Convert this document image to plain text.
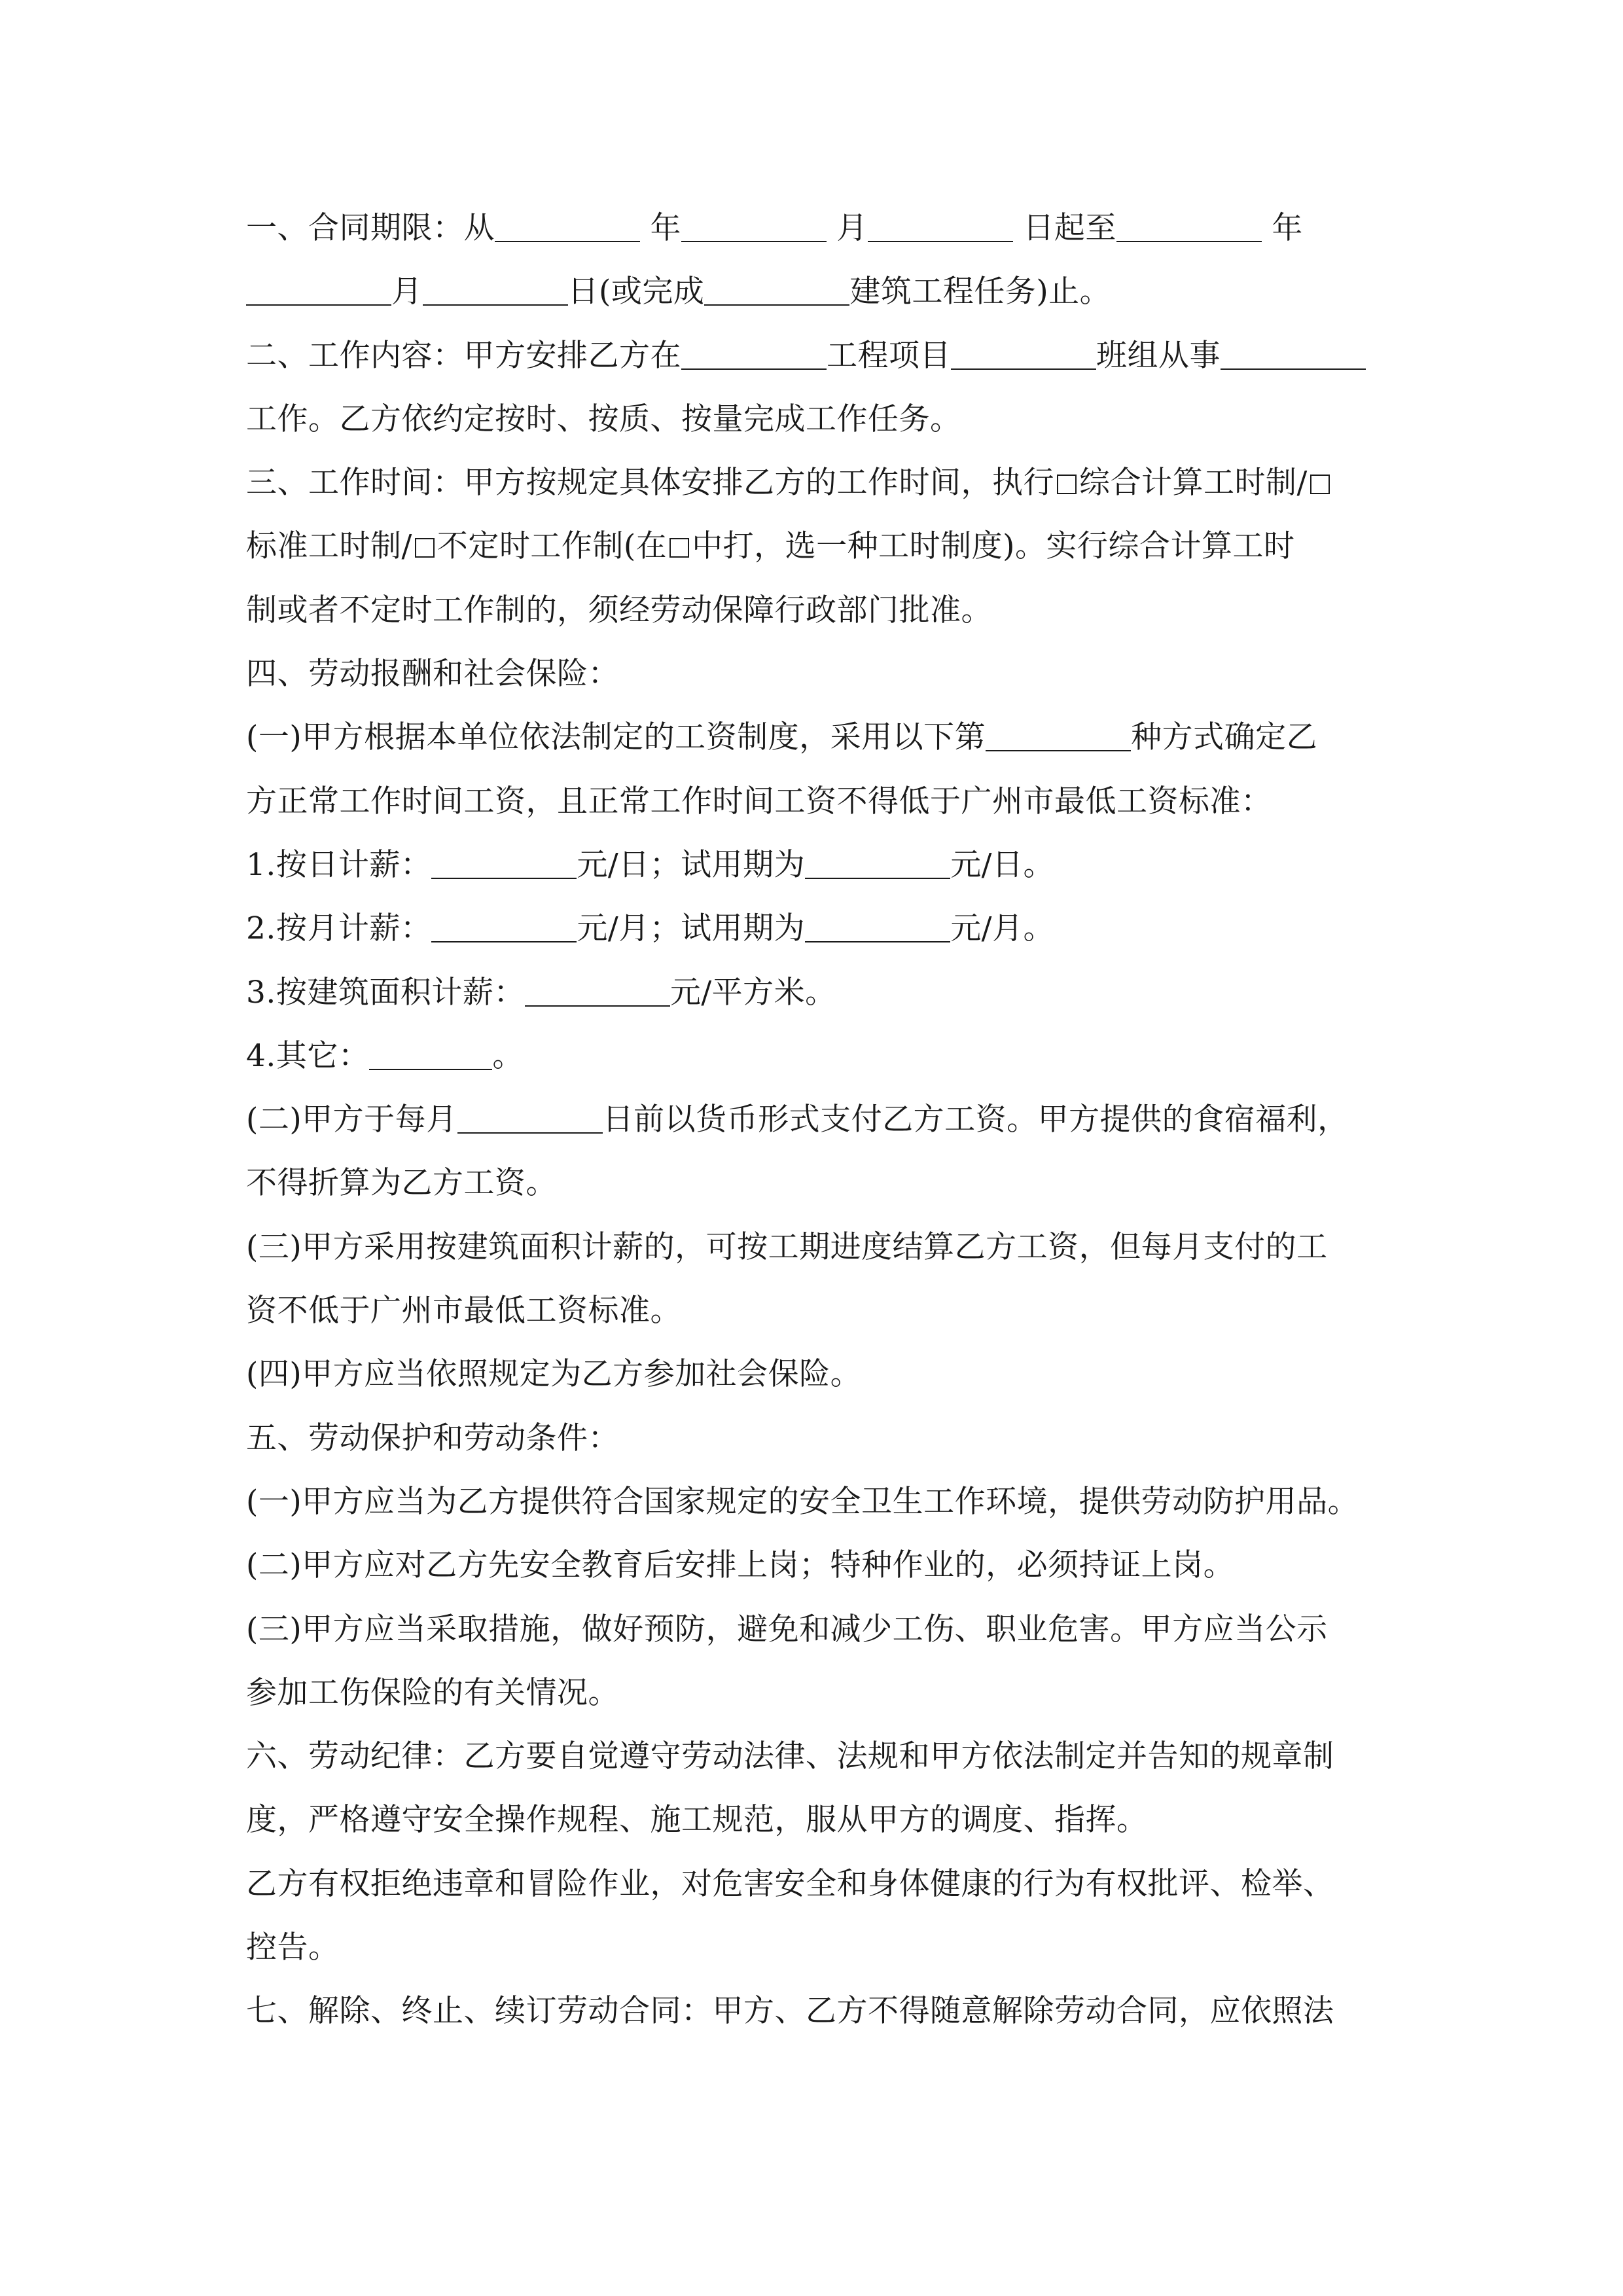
一、合同期限：从	年	月	日起至	年
月	日(或完成	建筑工程任务)止。
二、工作内容：甲方安排乙方在	工程项目	班组从事
工作。乙方依约定按时、按质、按量完成工作任务。
三、工作时间：甲方按规定具体安排乙方的工作时间，执行 综合计算工时制/
标准工时制/ 不定时工作制(在 中打，选一种工时制度)。实行综合计算工时
制或者不定时工作制的，须经劳动保障行政部门批准。
四、劳动报酬和社会保险：
(一)甲方根据本单位依法制定的工资制度，采用以下第	种方式确定乙
方正常工作时间工资，且正常工作时间工资不得低于广州市最低工资标准：
1.按日计薪：	元/日；试用期为	元/日。
2.按月计薪：	元/月；试用期为	元/月。
3.按建筑面积计薪：	元/平方米。
4.其它：	。
(二)甲方于每月	日前以货币形式支付乙方工资。甲方提供的食宿福利，
不得折算为乙方工资。
(三)甲方采用按建筑面积计薪的，可按工期进度结算乙方工资，但每月支付的工
资不低于广州市最低工资标准。
(四)甲方应当依照规定为乙方参加社会保险。
五、劳动保护和劳动条件：
(一)甲方应当为乙方提供符合国家规定的安全卫生工作环境，提供劳动防护用品。
(二)甲方应对乙方先安全教育后安排上岗；特种作业的，必须持证上岗。
(三)甲方应当采取措施，做好预防，避免和减少工伤、职业危害。甲方应当公示
参加工伤保险的有关情况。
六、劳动纪律：乙方要自觉遵守劳动法律、法规和甲方依法制定并告知的规章制
度，严格遵守安全操作规程、施工规范，服从甲方的调度、指挥。
乙方有权拒绝违章和冒险作业，对危害安全和身体健康的行为有权批评、检举、
控告。
七、解除、终止、续订劳动合同：甲方、乙方不得随意解除劳动合同，应依照法
